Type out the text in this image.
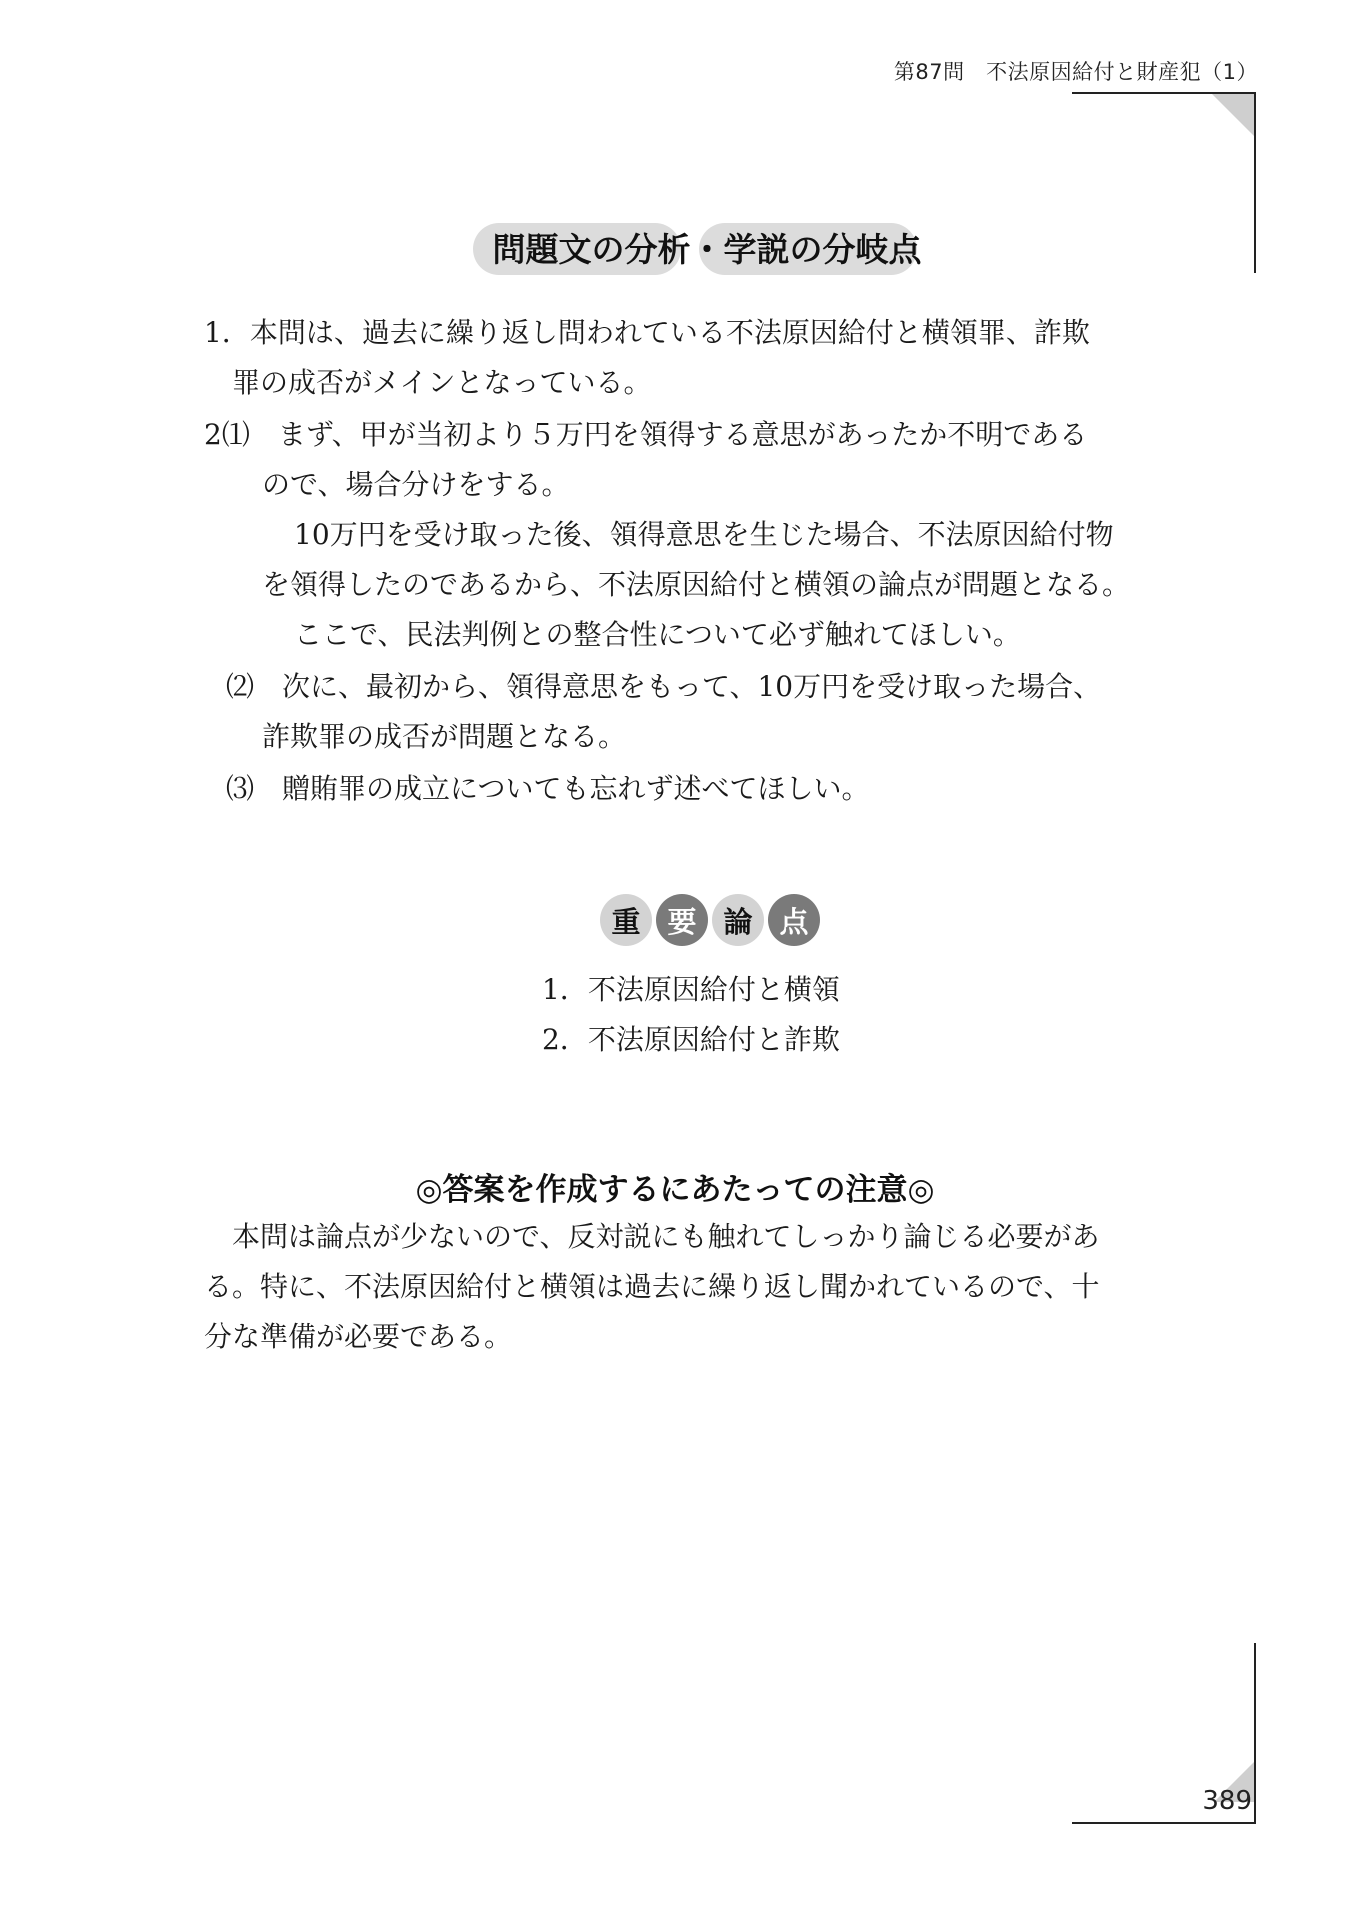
第87問　不法原因給付と財産犯（1）
問題文の分析・学説の分岐点
1．本問は、過去に繰り返し問われている不法原因給付と横領罪、詐欺
罪の成否がメインとなっている。
2⑴　まず、甲が当初より５万円を領得する意思があったか不明である
ので、場合分けをする。
10万円を受け取った後、領得意思を生じた場合、不法原因給付物
を領得したのであるから、不法原因給付と横領の論点が問題となる。
ここで、民法判例との整合性について必ず触れてほしい。
⑵　次に、最初から、領得意思をもって、10万円を受け取った場合、
詐欺罪の成否が問題となる。
⑶　贈賄罪の成立についても忘れず述べてほしい。
重 要 論 点
1．不法原因給付と横領
2．不法原因給付と詐欺
◎答案を作成するにあたっての注意◎
本問は論点が少ないので、反対説にも触れてしっかり論じる必要があ
る。特に、不法原因給付と横領は過去に繰り返し聞かれているので、十
分な準備が必要である。
389
